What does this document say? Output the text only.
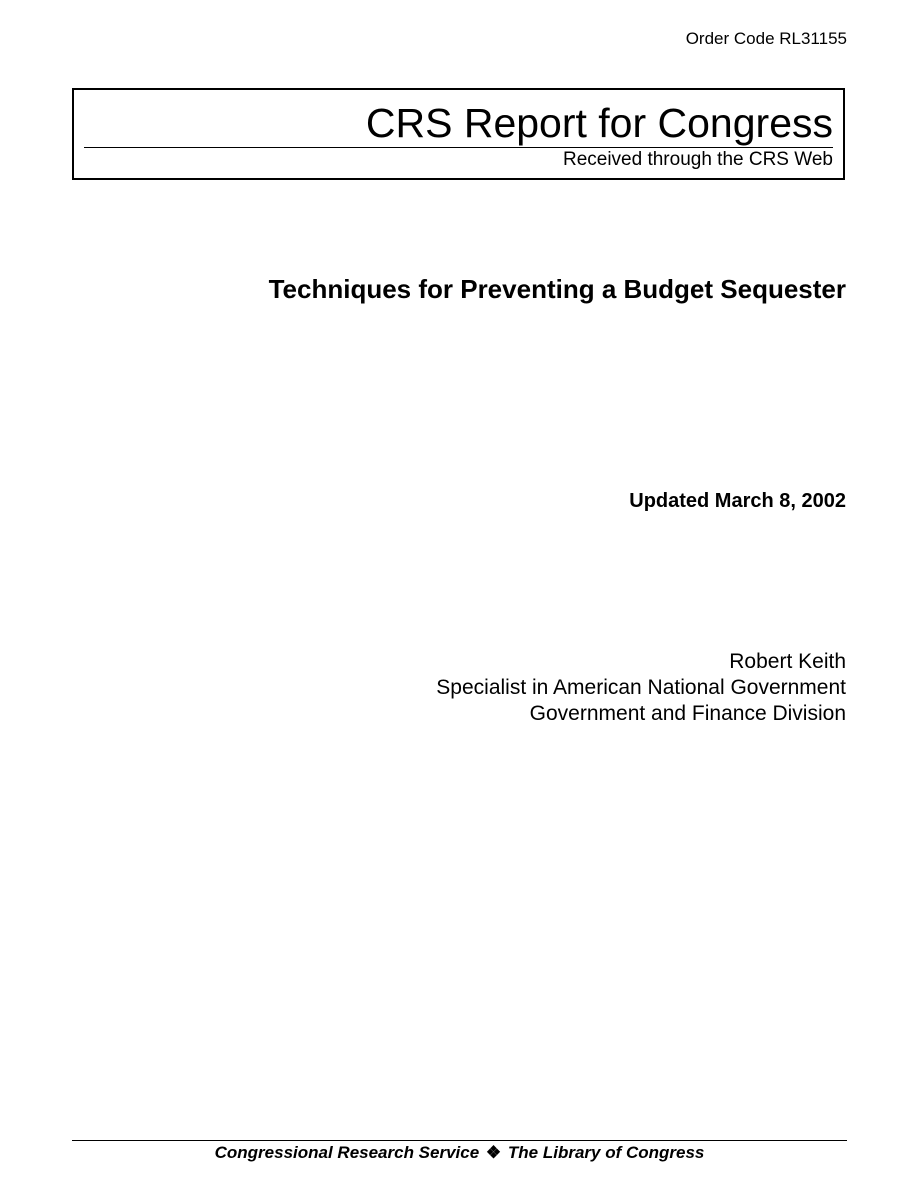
Order Code RL31155
CRS Report for Congress
Received through the CRS Web
Techniques for Preventing a Budget Sequester
Updated March 8, 2002
Robert Keith
Specialist in American National Government
Government and Finance Division
Congressional Research Service ❖ The Library of Congress
